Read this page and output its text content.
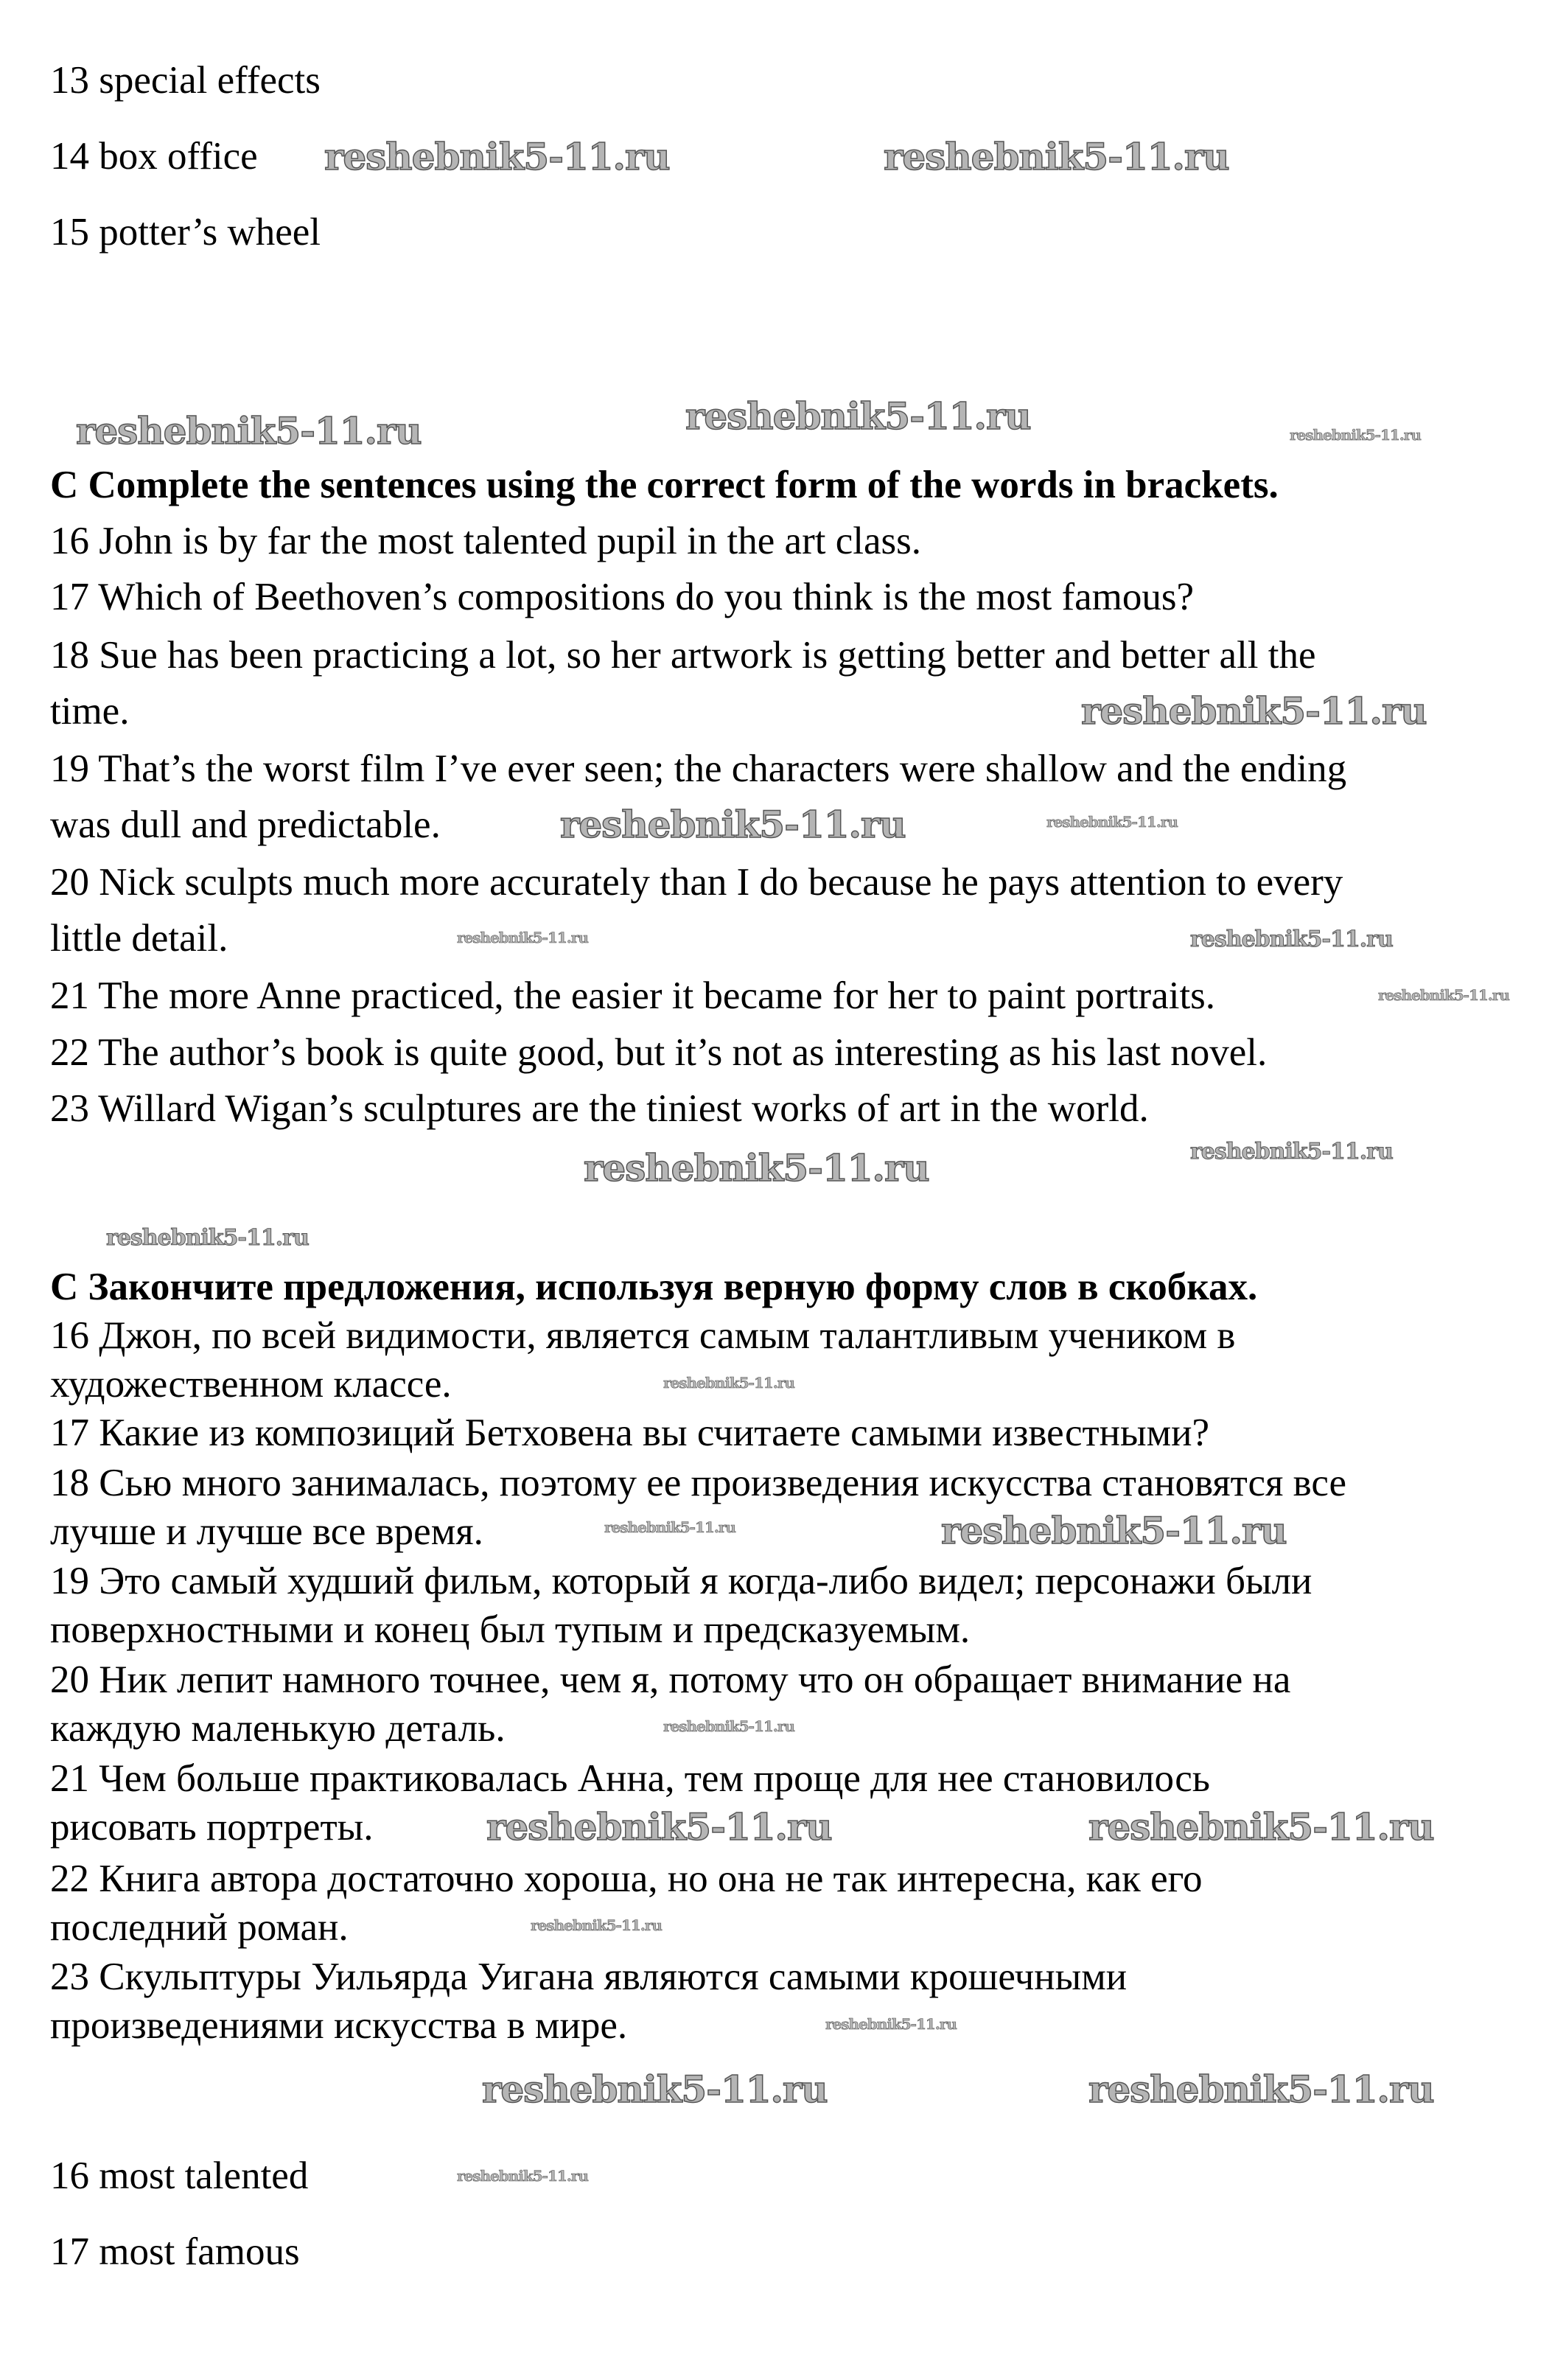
13 special effects
14 box office
15 potter’s wheel
C Complete the sentences using the correct form of the words in brackets.
16 John is by far the most talented pupil in the art class.
17 Which of Beethoven’s compositions do you think is the most famous?
18 Sue has been practicing a lot, so her artwork is getting better and better all the
time.
19 That’s the worst film I’ve ever seen; the characters were shallow and the ending
was dull and predictable.
20 Nick sculpts much more accurately than I do because he pays attention to every
little detail.
21 The more Anne practiced, the easier it became for her to paint portraits.
22 The author’s book is quite good, but it’s not as interesting as his last novel.
23 Willard Wigan’s sculptures are the tiniest works of art in the world.
C Закончите предложения, используя верную форму слов в скобках.
16 Джон, по всей видимости, является самым талантливым учеником в
художественном классе.
17 Какие из композиций Бетховена вы считаете самыми известными?
18 Сью много занималась, поэтому ее произведения искусства становятся все
лучше и лучше все время.
19 Это самый худший фильм, который я когда-либо видел; персонажи были
поверхностными и конец был тупым и предсказуемым.
20 Ник лепит намного точнее, чем я, потому что он обращает внимание на
каждую маленькую деталь.
21 Чем больше практиковалась Анна, тем проще для нее становилось
рисовать портреты.
22 Книга автора достаточно хороша, но она не так интересна, как его
последний роман.
23 Скульптуры Уильярда Уигана являются самыми крошечными
произведениями искусства в мире.
16 most talented
17 most famous
reshebnik5-11.ru	reshebnik5-11.ru
reshebnik5-11.ru	reshebnik5-11.ru	reshebnik5-11.ru
reshebnik5-11.ru
reshebnik5-11.ru
reshebnik5-11.ru
reshebnik5-11.ru	reshebnik5-11.ru
reshebnik5-11.ru
reshebnik5-11.ru
reshebnik5-11.ru
reshebnik5-11.ru
reshebnik5-11.ru
reshebnik5-11.ru	reshebnik5-11.ru
reshebnik5-11.ru
reshebnik5-11.ru	reshebnik5-11.ru
reshebnik5-11.ru
reshebnik5-11.ru
reshebnik5-11.ru	reshebnik5-11.ru
reshebnik5-11.ru
